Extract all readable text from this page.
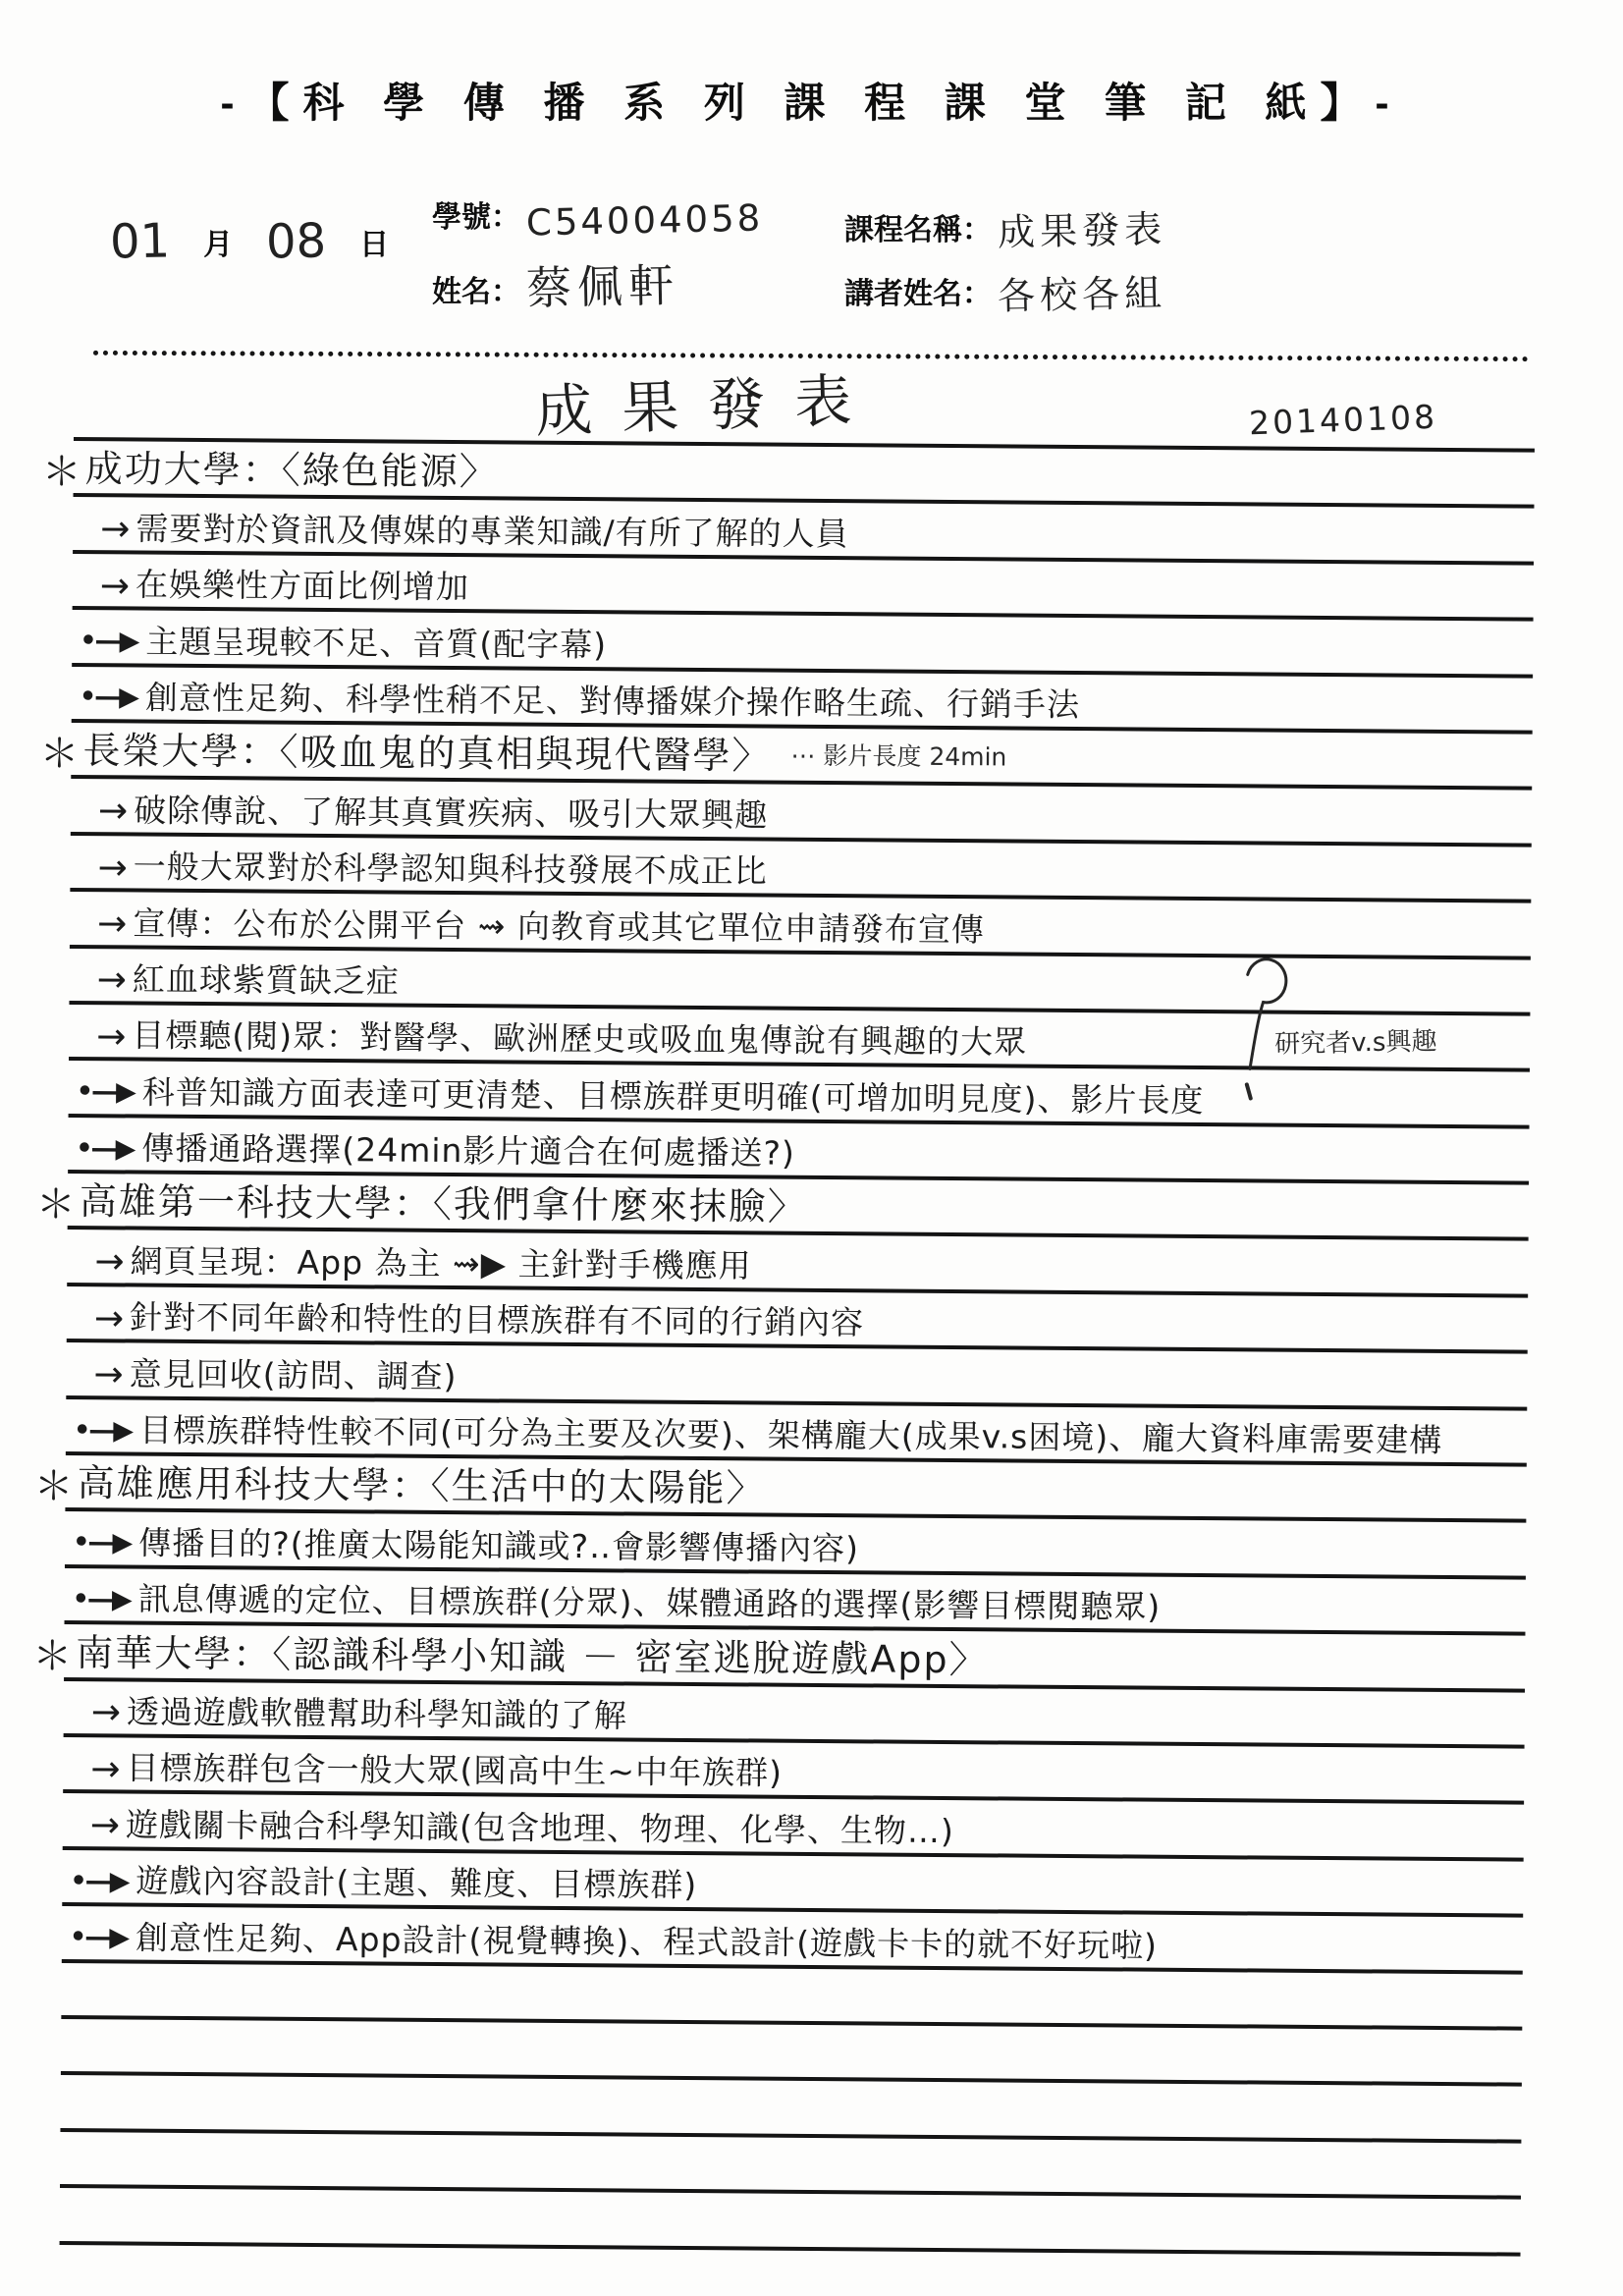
-【科 學 傳 播 系 列 課 程 課 堂 筆 記 紙】-
01 月 08 日
學號： C54004058
姓名： 蔡佩軒
課程名稱： 成果發表
講者姓名： 各校各組
成果發表	20140108
＊ 成功大學：〈綠色能源〉
→ 需要對於資訊及傳媒的專業知識/有所了解的人員
→ 在娛樂性方面比例增加
•—▶ 主題呈現較不足、音質(配字幕)
•—▶ 創意性足夠、科學性稍不足、對傳播媒介操作略生疏、行銷手法
＊ 長榮大學：〈吸血鬼的真相與現代醫學〉 ⋯ 影片長度 24min
→ 破除傳說、了解其真實疾病、吸引大眾興趣
→ 一般大眾對於科學認知與科技發展不成正比
→ 宣傳：公布於公開平台 ⇝ 向教育或其它單位申請發布宣傳
→ 紅血球紫質缺乏症
→ 目標聽(閱)眾：對醫學、歐洲歷史或吸血鬼傳說有興趣的大眾
•—▶ 科普知識方面表達可更清楚、目標族群更明確(可增加明見度)、影片長度
•—▶ 傳播通路選擇(24min影片適合在何處播送?)
＊ 高雄第一科技大學：〈我們拿什麼來抹臉〉
→ 網頁呈現：App 為主 ⇝▶ 主針對手機應用
→ 針對不同年齡和特性的目標族群有不同的行銷內容
→ 意見回收(訪問、調查)
•—▶ 目標族群特性較不同(可分為主要及次要)、架構龐大(成果v.s困境)、龐大資料庫需要建構
＊ 高雄應用科技大學：〈生活中的太陽能〉
•—▶ 傳播目的?(推廣太陽能知識或?‥會影響傳播內容)
•—▶ 訊息傳遞的定位、目標族群(分眾)、媒體通路的選擇(影響目標閱聽眾)
＊ 南華大學：〈認識科學小知識 － 密室逃脫遊戲App〉
→ 透過遊戲軟體幫助科學知識的了解
→ 目標族群包含一般大眾(國高中生~中年族群)
→ 遊戲關卡融合科學知識(包含地理、物理、化學、生物…)
•—▶ 遊戲內容設計(主題、難度、目標族群)
•—▶ 創意性足夠、App設計(視覺轉換)、程式設計(遊戲卡卡的就不好玩啦)
研究者v.s興趣
